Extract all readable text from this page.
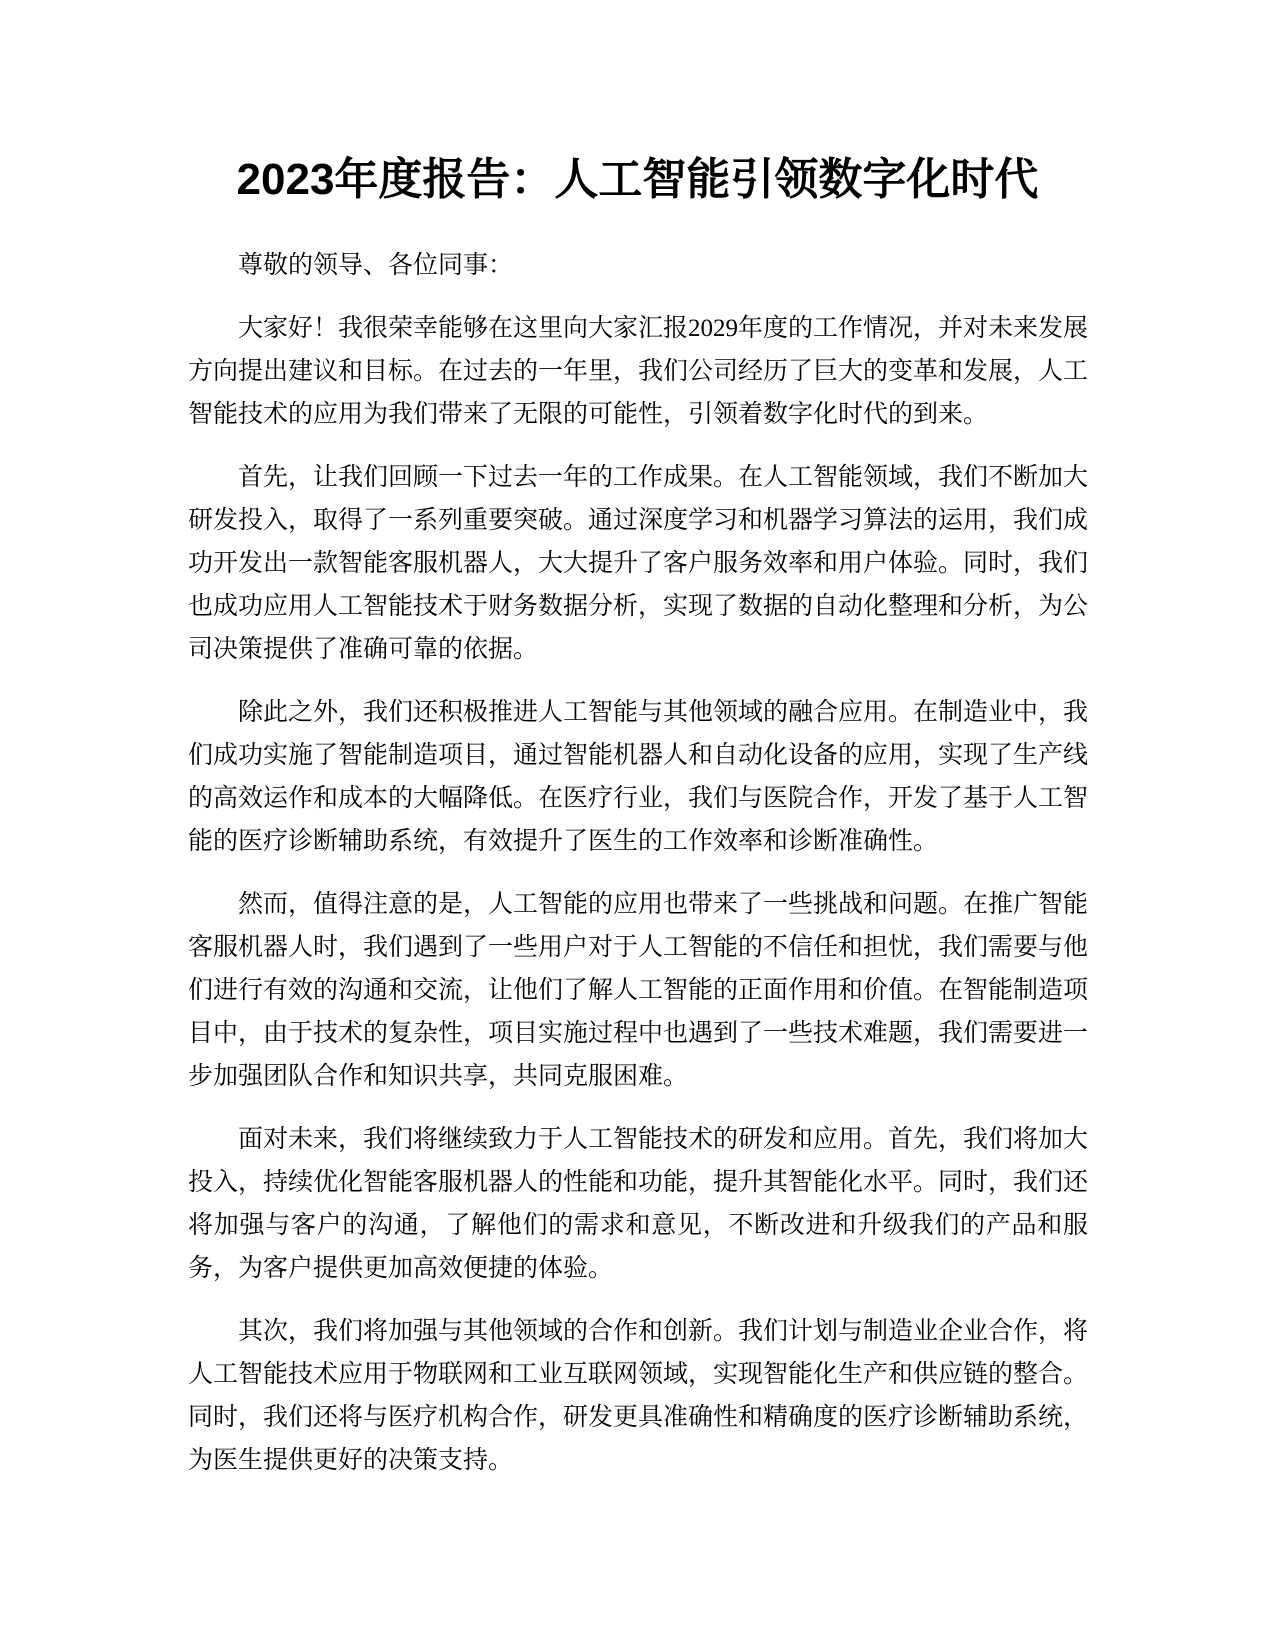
2023年度报告：人工智能引领数字化时代

尊敬的领导、各位同事：

大家好！我很荣幸能够在这里向大家汇报2029年度的工作情况，并对未来发展方向提出建议和目标。在过去的一年里，我们公司经历了巨大的变革和发展，人工智能技术的应用为我们带来了无限的可能性，引领着数字化时代的到来。

首先，让我们回顾一下过去一年的工作成果。在人工智能领域，我们不断加大研发投入，取得了一系列重要突破。通过深度学习和机器学习算法的运用，我们成功开发出一款智能客服机器人，大大提升了客户服务效率和用户体验。同时，我们也成功应用人工智能技术于财务数据分析，实现了数据的自动化整理和分析，为公司决策提供了准确可靠的依据。

除此之外，我们还积极推进人工智能与其他领域的融合应用。在制造业中，我们成功实施了智能制造项目，通过智能机器人和自动化设备的应用，实现了生产线的高效运作和成本的大幅降低。在医疗行业，我们与医院合作，开发了基于人工智能的医疗诊断辅助系统，有效提升了医生的工作效率和诊断准确性。

然而，值得注意的是，人工智能的应用也带来了一些挑战和问题。在推广智能客服机器人时，我们遇到了一些用户对于人工智能的不信任和担忧，我们需要与他们进行有效的沟通和交流，让他们了解人工智能的正面作用和价值。在智能制造项目中，由于技术的复杂性，项目实施过程中也遇到了一些技术难题，我们需要进一步加强团队合作和知识共享，共同克服困难。

面对未来，我们将继续致力于人工智能技术的研发和应用。首先，我们将加大投入，持续优化智能客服机器人的性能和功能，提升其智能化水平。同时，我们还将加强与客户的沟通，了解他们的需求和意见，不断改进和升级我们的产品和服务，为客户提供更加高效便捷的体验。

其次，我们将加强与其他领域的合作和创新。我们计划与制造业企业合作，将人工智能技术应用于物联网和工业互联网领域，实现智能化生产和供应链的整合。同时，我们还将与医疗机构合作，研发更具准确性和精确度的医疗诊断辅助系统，为医生提供更好的决策支持。
